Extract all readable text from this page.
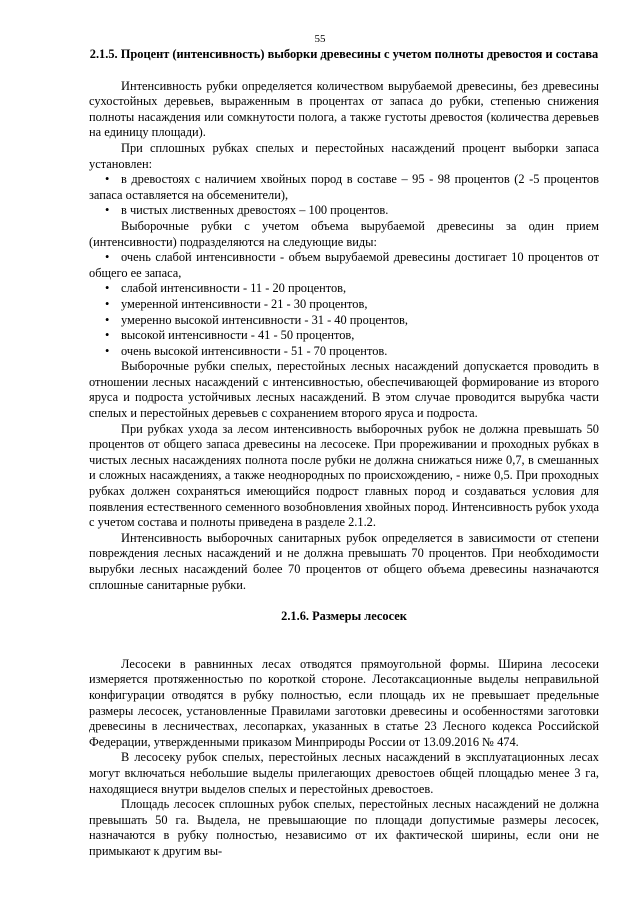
55

2.1.5. Процент (интенсивность) выборки древесины с учетом полноты древостоя и состава

Интенсивность рубки определяется количеством вырубаемой древесины, без древесины сухостойных деревьев, выраженным в процентах от запаса до рубки, степенью снижения полноты насаждения или сомкнутости полога, а также густоты древостоя (количества деревьев на единицу площади).

При сплошных рубках спелых и перестойных насаждений процент выборки запаса установлен:

• в древостоях с наличием хвойных пород в составе – 95 - 98 процентов (2 -5 процентов запаса оставляется на обсеменители),

• в чистых лиственных древостоях – 100 процентов.

Выборочные рубки с учетом объема вырубаемой древесины за один прием (интенсивности) подразделяются на следующие виды:

• очень слабой интенсивности - объем вырубаемой древесины достигает 10 процентов от общего ее запаса,

• слабой интенсивности - 11 - 20 процентов,

• умеренной интенсивности - 21 - 30 процентов,

• умеренно высокой интенсивности - 31 - 40 процентов,

• высокой интенсивности - 41 - 50 процентов,

• очень высокой интенсивности - 51 - 70 процентов.

Выборочные рубки спелых, перестойных лесных насаждений допускается проводить в отношении лесных насаждений с интенсивностью, обеспечивающей формирование из второго яруса и подроста устойчивых лесных насаждений. В этом случае проводится вырубка части спелых и перестойных деревьев с сохранением второго яруса и подроста.

При рубках ухода за лесом интенсивность выборочных рубок не должна превышать 50 процентов от общего запаса древесины на лесосеке. При прореживании и проходных рубках в чистых лесных насаждениях полнота после рубки не должна снижаться ниже 0,7, в смешанных и сложных насаждениях, а также неоднородных по происхождению, - ниже 0,5. При проходных рубках должен сохраняться имеющийся подрост главных пород и создаваться условия для появления естественного семенного возобновления хвойных пород. Интенсивность рубок ухода с учетом состава и полноты приведена в разделе 2.1.2.

Интенсивность выборочных санитарных рубок определяется в зависимости от степени повреждения лесных насаждений и не должна превышать 70 процентов. При необходимости вырубки лесных насаждений более 70 процентов от общего объема древесины назначаются сплошные санитарные рубки.

2.1.6. Размеры лесосек

Лесосеки в равнинных лесах отводятся прямоугольной формы. Ширина лесосеки измеряется протяженностью по короткой стороне. Лесотаксационные выделы неправильной конфигурации отводятся в рубку полностью, если площадь их не превышает предельные размеры лесосек, установленные Правилами заготовки древесины и особенностями заготовки древесины в лесничествах, лесопарках, указанных в статье 23 Лесного кодекса Российской Федерации, утвержденными приказом Минприроды России от 13.09.2016 № 474.

В лесосеку рубок спелых, перестойных лесных насаждений в эксплуатационных лесах могут включаться небольшие выделы прилегающих древостоев общей площадью менее 3 га, находящиеся внутри выделов спелых и перестойных древостоев.

Площадь лесосек сплошных рубок спелых, перестойных лесных насаждений не должна превышать 50 га. Выдела, не превышающие по площади допустимые размеры лесосек, назначаются в рубку полностью, независимо от их фактической ширины, если они не примыкают к другим вы-
